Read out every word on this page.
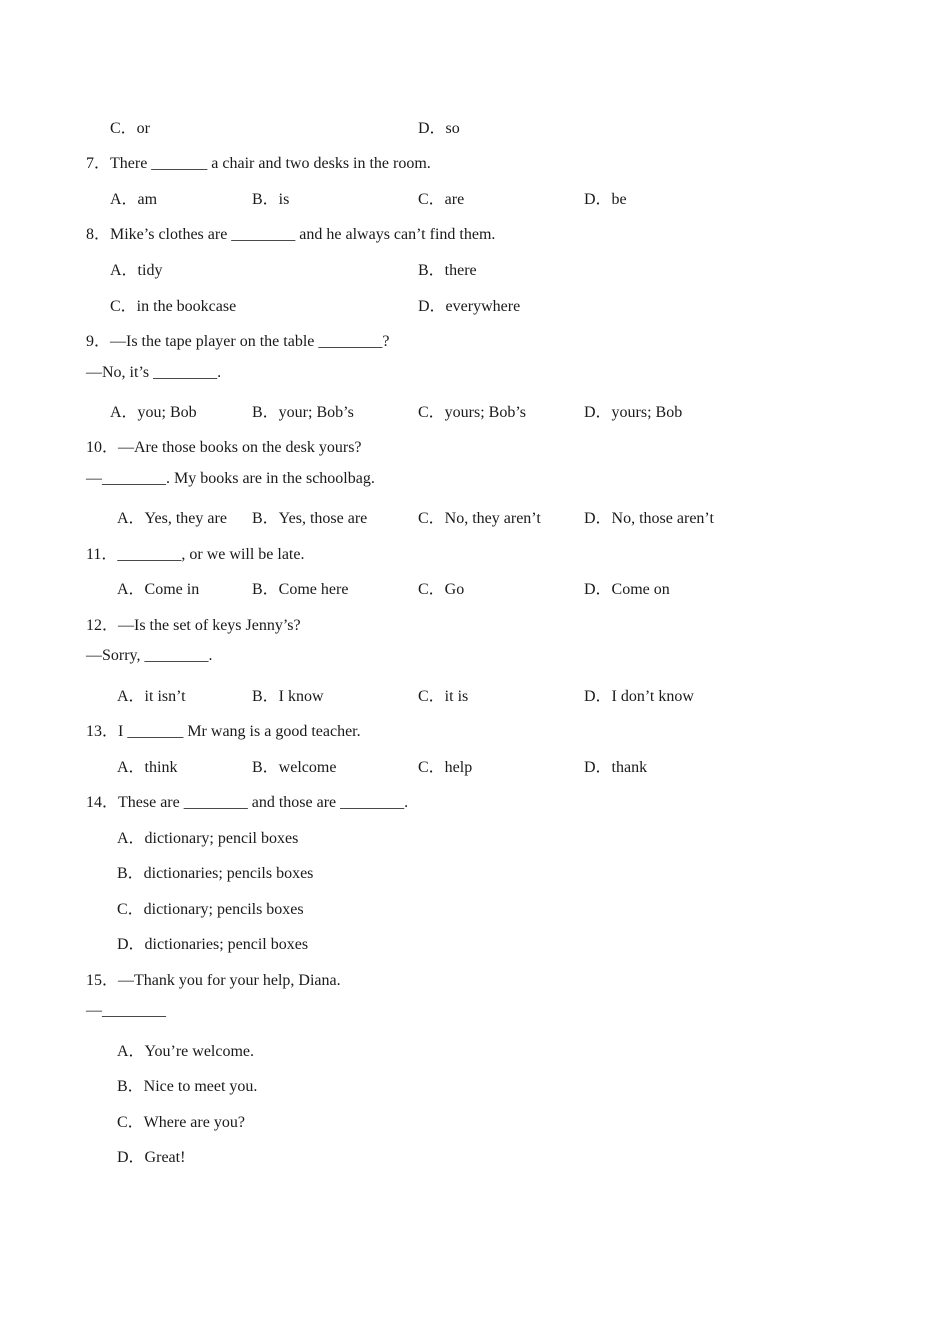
C．or	D．so
7．There _______ a chair and two desks in the room.
A．am	B．is	C．are	D．be
8．Mike’s clothes are ________ and he always can’t find them.
A．tidy	B．there
C．in the bookcase	D．everywhere
9．—Is the tape player on the table ________?
—No, it’s ________.
A．you; Bob	B．your; Bob’s	C．yours; Bob’s	D．yours; Bob
10．—Are those books on the desk yours?
—________. My books are in the schoolbag.
A．Yes, they are B．Yes, those are	C．No, they aren’t	D．No, those aren’t
11．________, or we will be late.
A．Come in	B．Come here	C．Go	D．Come on
12．—Is the set of keys Jenny’s?
—Sorry, ________.
A．it isn’t	B．I know	C．it is	D．I don’t know
13．I _______ Mr wang is a good teacher.
A．think	B．welcome	C．help	D．thank
14．These are ________ and those are ________.
A．dictionary; pencil boxes
B．dictionaries; pencils boxes
C．dictionary; pencils boxes
D．dictionaries; pencil boxes
15．—Thank you for your help, Diana.
—________
A．You’re welcome.
B．Nice to meet you.
C．Where are you?
D．Great!
